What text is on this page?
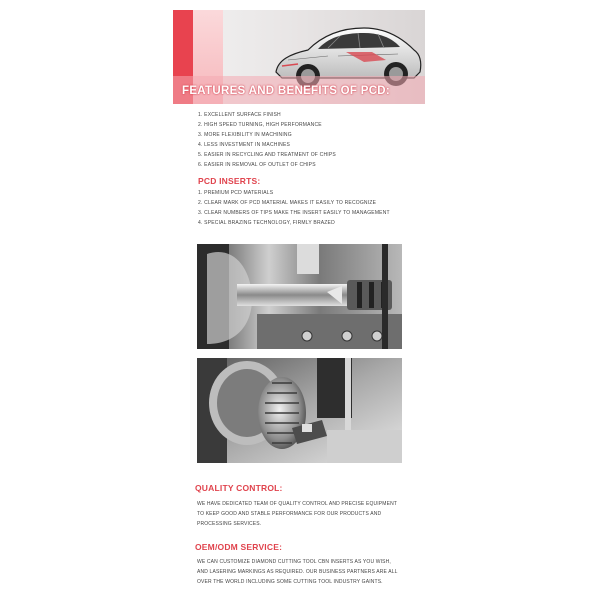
FEATURES AND BENEFITS OF PCD:
1. EXCELLENT SURFACE FINISH
2. HIGH SPEED TURNING, HIGH PERFORMANCE
3. MORE FLEXIBILITY IN MACHINING
4. LESS INVESTMENT IN MACHINES
5. EASIER IN RECYCLING AND TREATMENT OF CHIPS
6. EASIER IN REMOVAL OF OUTLET OF CHIPS
PCD INSERTS:
1. PREMIUM PCD MATERIALS
2. CLEAR MARK OF PCD MATERIAL MAKES IT EASILY TO RECOGNIZE
3. CLEAR NUMBERS OF TIPS MAKE THE INSERT EASILY TO MANAGEMENT
4. SPECIAL BRAZING TECHNOLOGY, FIRMLY BRAZED
QUALITY CONTROL:
WE HAVE DEDICATED TEAM OF QUALITY CONTROL AND PRECISE EQUIPMENT TO KEEP GOOD AND STABLE PERFORMANCE FOR OUR PRODUCTS AND PROCESSING SERVICES.
OEM/ODM SERVICE:
WE CAN CUSTOMIZE DIAMOND CUTTING TOOL CBN INSERTS AS YOU WISH, AND LASERING MARKINGS AS REQUIRED. OUR BUSINESS PARTNERS ARE ALL OVER THE WORLD INCLUDING SOME CUTTING TOOL INDUSTRY GAINTS.
